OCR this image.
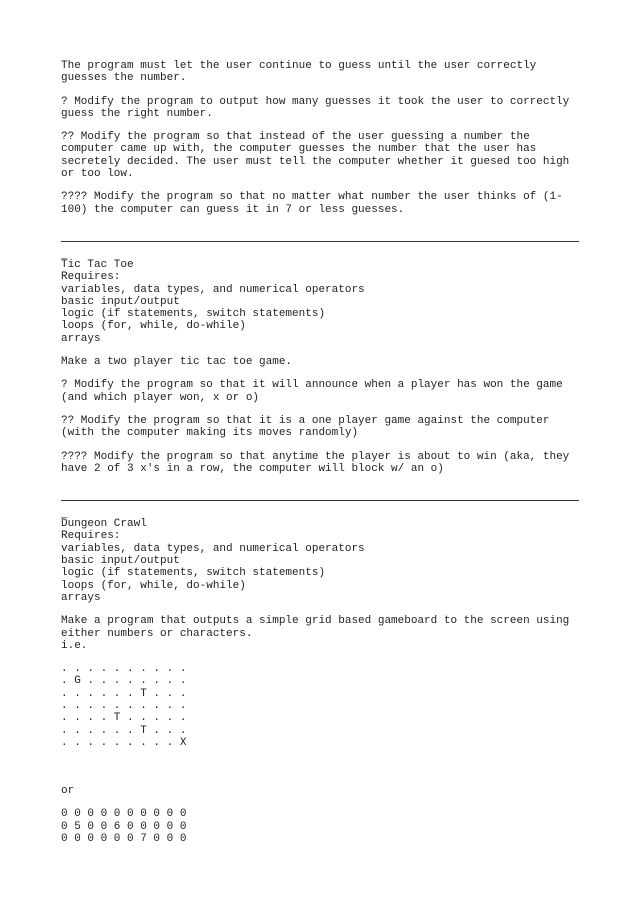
The program must let the user continue to guess until the user correctly guesses the number.
? Modify the program to output how many guesses it took the user to correctly guess the right number.
?? Modify the program so that instead of the user guessing a number the computer came up with, the computer guesses the number that the user has secretely decided. The user must tell the computer whether it guesed too high or too low.
???? Modify the program so that no matter what number the user thinks of (1-100) the computer can guess it in 7 or less guesses.
_
Tic Tac Toe
Requires:
variables, data types, and numerical operators
basic input/output
logic (if statements, switch statements)
loops (for, while, do-while)
arrays
Make a two player tic tac toe game.
? Modify the program so that it will announce when a player has won the game (and which player won, x or o)
?? Modify the program so that it is a one player game against the computer (with the computer making its moves randomly)
???? Modify the program so that anytime the player is about to win (aka, they have 2 of 3 x's in a row, the computer will block w/ an o)
_
Dungeon Crawl
Requires:
variables, data types, and numerical operators
basic input/output
logic (if statements, switch statements)
loops (for, while, do-while)
arrays
Make a program that outputs a simple grid based gameboard to the screen using
either numbers or characters.
i.e.
. . . . . . . . . .
. G . . . . . . . .
. . . . . . T . . .
. . . . . . . . . .
. . . . T . . . . .
. . . . . . T . . .
. . . . . . . . . X
or
0 0 0 0 0 0 0 0 0 0
0 5 0 0 6 0 0 0 0 0
0 0 0 0 0 0 7 0 0 0
